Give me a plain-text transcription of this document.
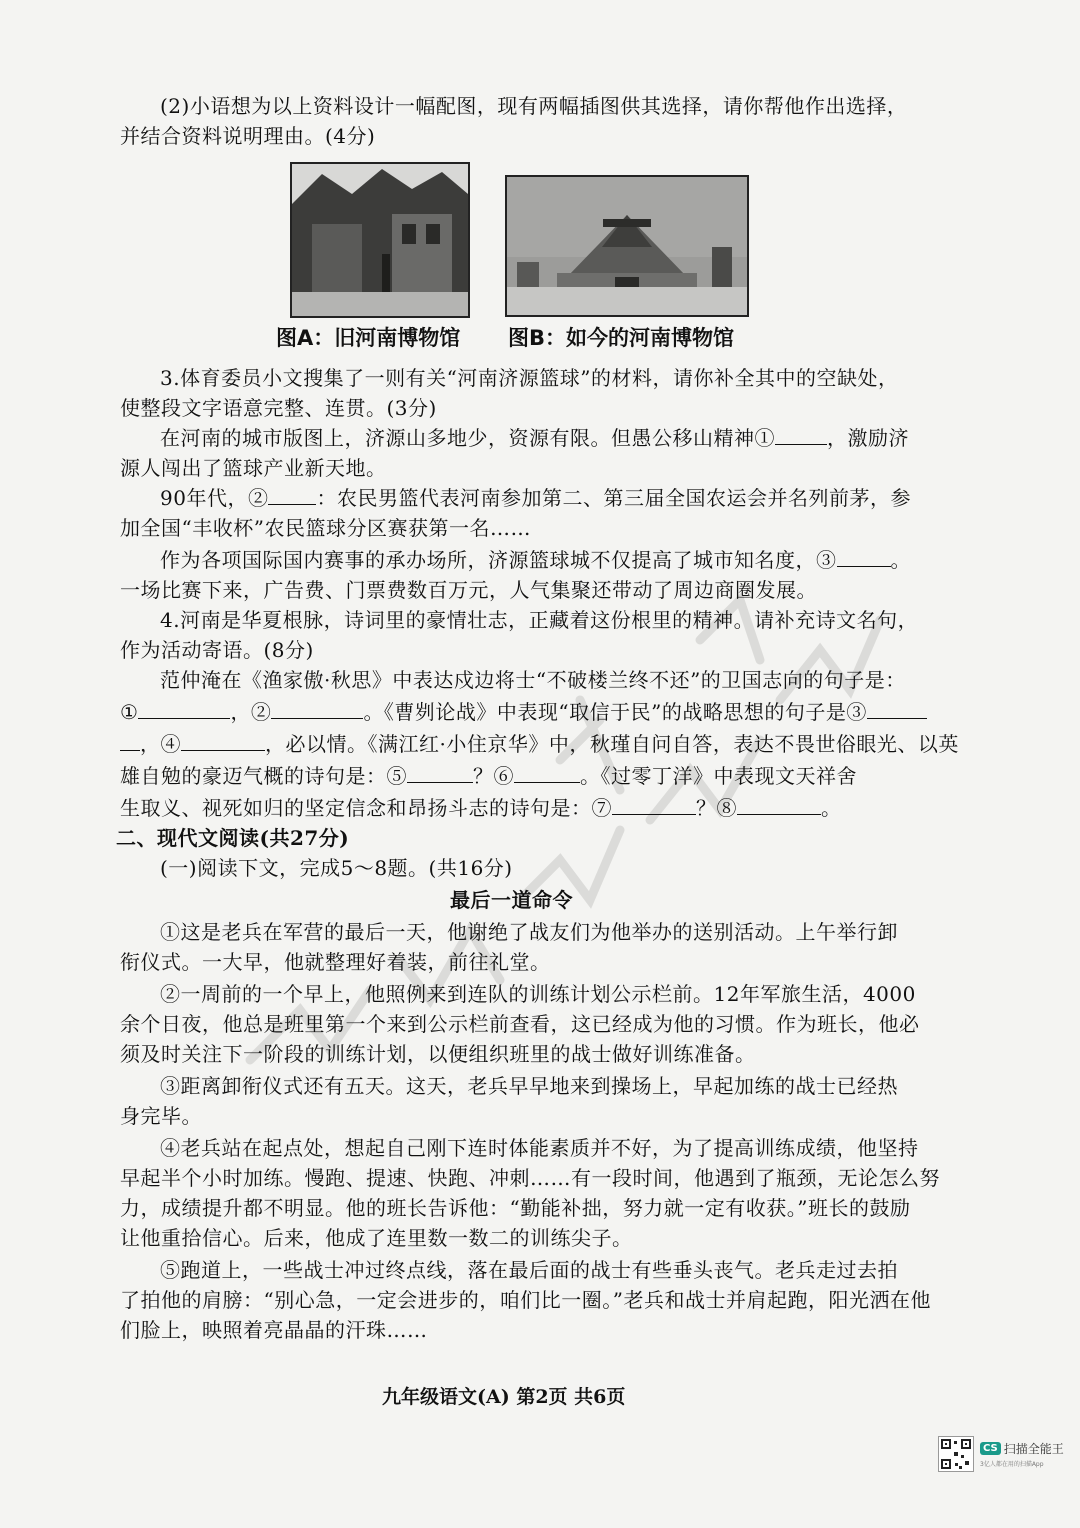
(2)小语想为以上资料设计一幅配图，现有两幅插图供其选择，请你帮他作出选择，
并结合资料说明理由。(4分)
图A：旧河南博物馆 图B：如今的河南博物馆
3.体育委员小文搜集了一则有关“河南济源篮球”的材料，请你补全其中的空缺处，
使整段文字语意完整、连贯。(3分)
在河南的城市版图上，济源山多地少，资源有限。但愚公移山精神①	，激励济
源人闯出了篮球产业新天地。
90年代，② ：农民男篮代表河南参加第二、第三届全国农运会并名列前茅，参
加全国“丰收杯”农民篮球分区赛获第一名……
作为各项国际国内赛事的承办场所，济源篮球城不仅提高了城市知名度，③	。
一场比赛下来，广告费、门票费数百万元，人气集聚还带动了周边商圈发展。
4.河南是华夏根脉，诗词里的豪情壮志，正藏着这份根里的精神。请补充诗文名句，
作为活动寄语。(8分)
范仲淹在《渔家傲·秋思》中表达戍边将士“不破楼兰终不还”的卫国志向的句子是：
①	，②	。《曹刿论战》中表现“取信于民”的战略思想的句子是③
，④	，必以情。《满江红·小住京华》中，秋瑾自问自答，表达不畏世俗眼光、以英
雄自勉的豪迈气概的诗句是：⑤	？⑥	。《过零丁洋》中表现文天祥舍
生取义、视死如归的坚定信念和昂扬斗志的诗句是：⑦	？⑧	。
二、现代文阅读(共27分)
(一)阅读下文，完成5～8题。(共16分)
最后一道命令
①这是老兵在军营的最后一天，他谢绝了战友们为他举办的送别活动。上午举行卸
衔仪式。一大早，他就整理好着装，前往礼堂。
②一周前的一个早上，他照例来到连队的训练计划公示栏前。12年军旅生活，4000
余个日夜，他总是班里第一个来到公示栏前查看，这已经成为他的习惯。作为班长，他必
须及时关注下一阶段的训练计划，以便组织班里的战士做好训练准备。
③距离卸衔仪式还有五天。这天，老兵早早地来到操场上，早起加练的战士已经热
身完毕。
④老兵站在起点处，想起自己刚下连时体能素质并不好，为了提高训练成绩，他坚持
早起半个小时加练。慢跑、提速、快跑、冲刺……有一段时间，他遇到了瓶颈，无论怎么努
力，成绩提升都不明显。他的班长告诉他：“勤能补拙，努力就一定有收获。”班长的鼓励
让他重拾信心。后来，他成了连里数一数二的训练尖子。
⑤跑道上，一些战士冲过终点线，落在最后面的战士有些垂头丧气。老兵走过去拍
了拍他的肩膀：“别心急，一定会进步的，咱们比一圈。”老兵和战士并肩起跑，阳光洒在他
们脸上，映照着亮晶晶的汗珠……
九年级语文(A) 第2页 共6页
CS 扫描全能王
3亿人都在用的扫描App
